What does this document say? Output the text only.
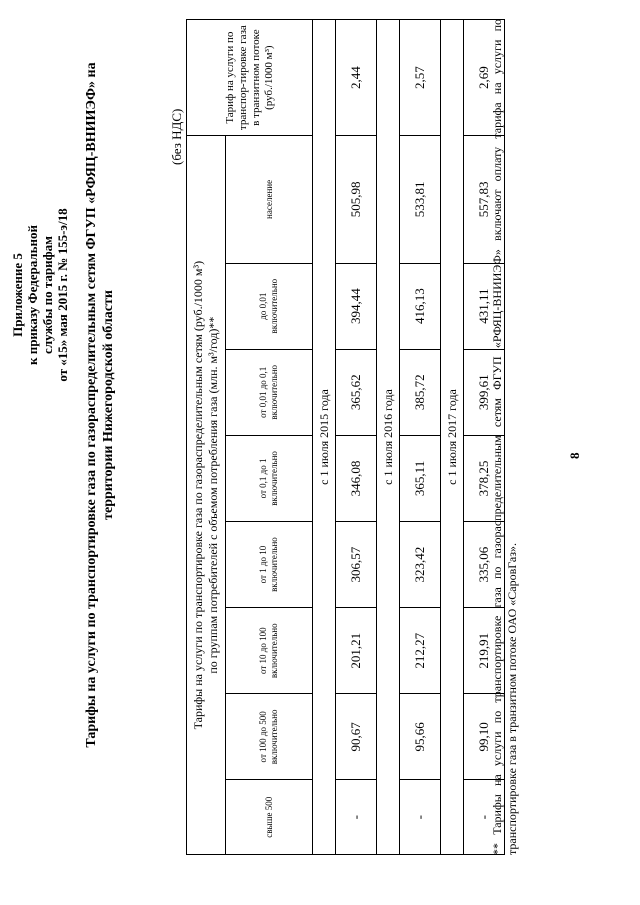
Приложение 5 к приказу Федеральной службы по тарифам от «15» мая 2015 г. № 155-э/18 Тарифы на услуги по транспортировке газа по газораспределительным сетям ФГУП «РФЯЦ-ВНИИЭФ» на территории Нижегородской области
(без НДС)
Тарифы на услуги по транспортировке газа по газораспределительным сетям (руб./1000 м³) по группам потребителей с объемом потребления газа (млн. м³/год)**								Тариф на услуги по транспор-тировке газа в транзитном потоке (руб./1000 м³)
свыше 500	от 100 до 500 включительно	от 10 до 100 включительно	от 1 до 10 включительно	от 0,1 до 1 включительно	от 0,01 до 0,1 включительно	до 0,01 включительно	население	
с 1 июля 2015 года								
-	90,67	201,21	306,57	346,08	365,62	394,44	505,98	2,44
с 1 июля 2016 года								
-	95,66	212,27	323,42	365,11	385,72	416,13	533,81	2,57
с 1 июля 2017 года								
-	99,10	219,91	335,06	378,25	399,61	431,11	557,83	2,69 ** Тарифы на услуги по транспортировке газа по газораспределительным сетям ФГУП «РФЯЦ-ВНИИЭФ» включают оплату тарифа на услуги по транспортировке газа в транзитном потоке ОАО «СаровГаз».
8
